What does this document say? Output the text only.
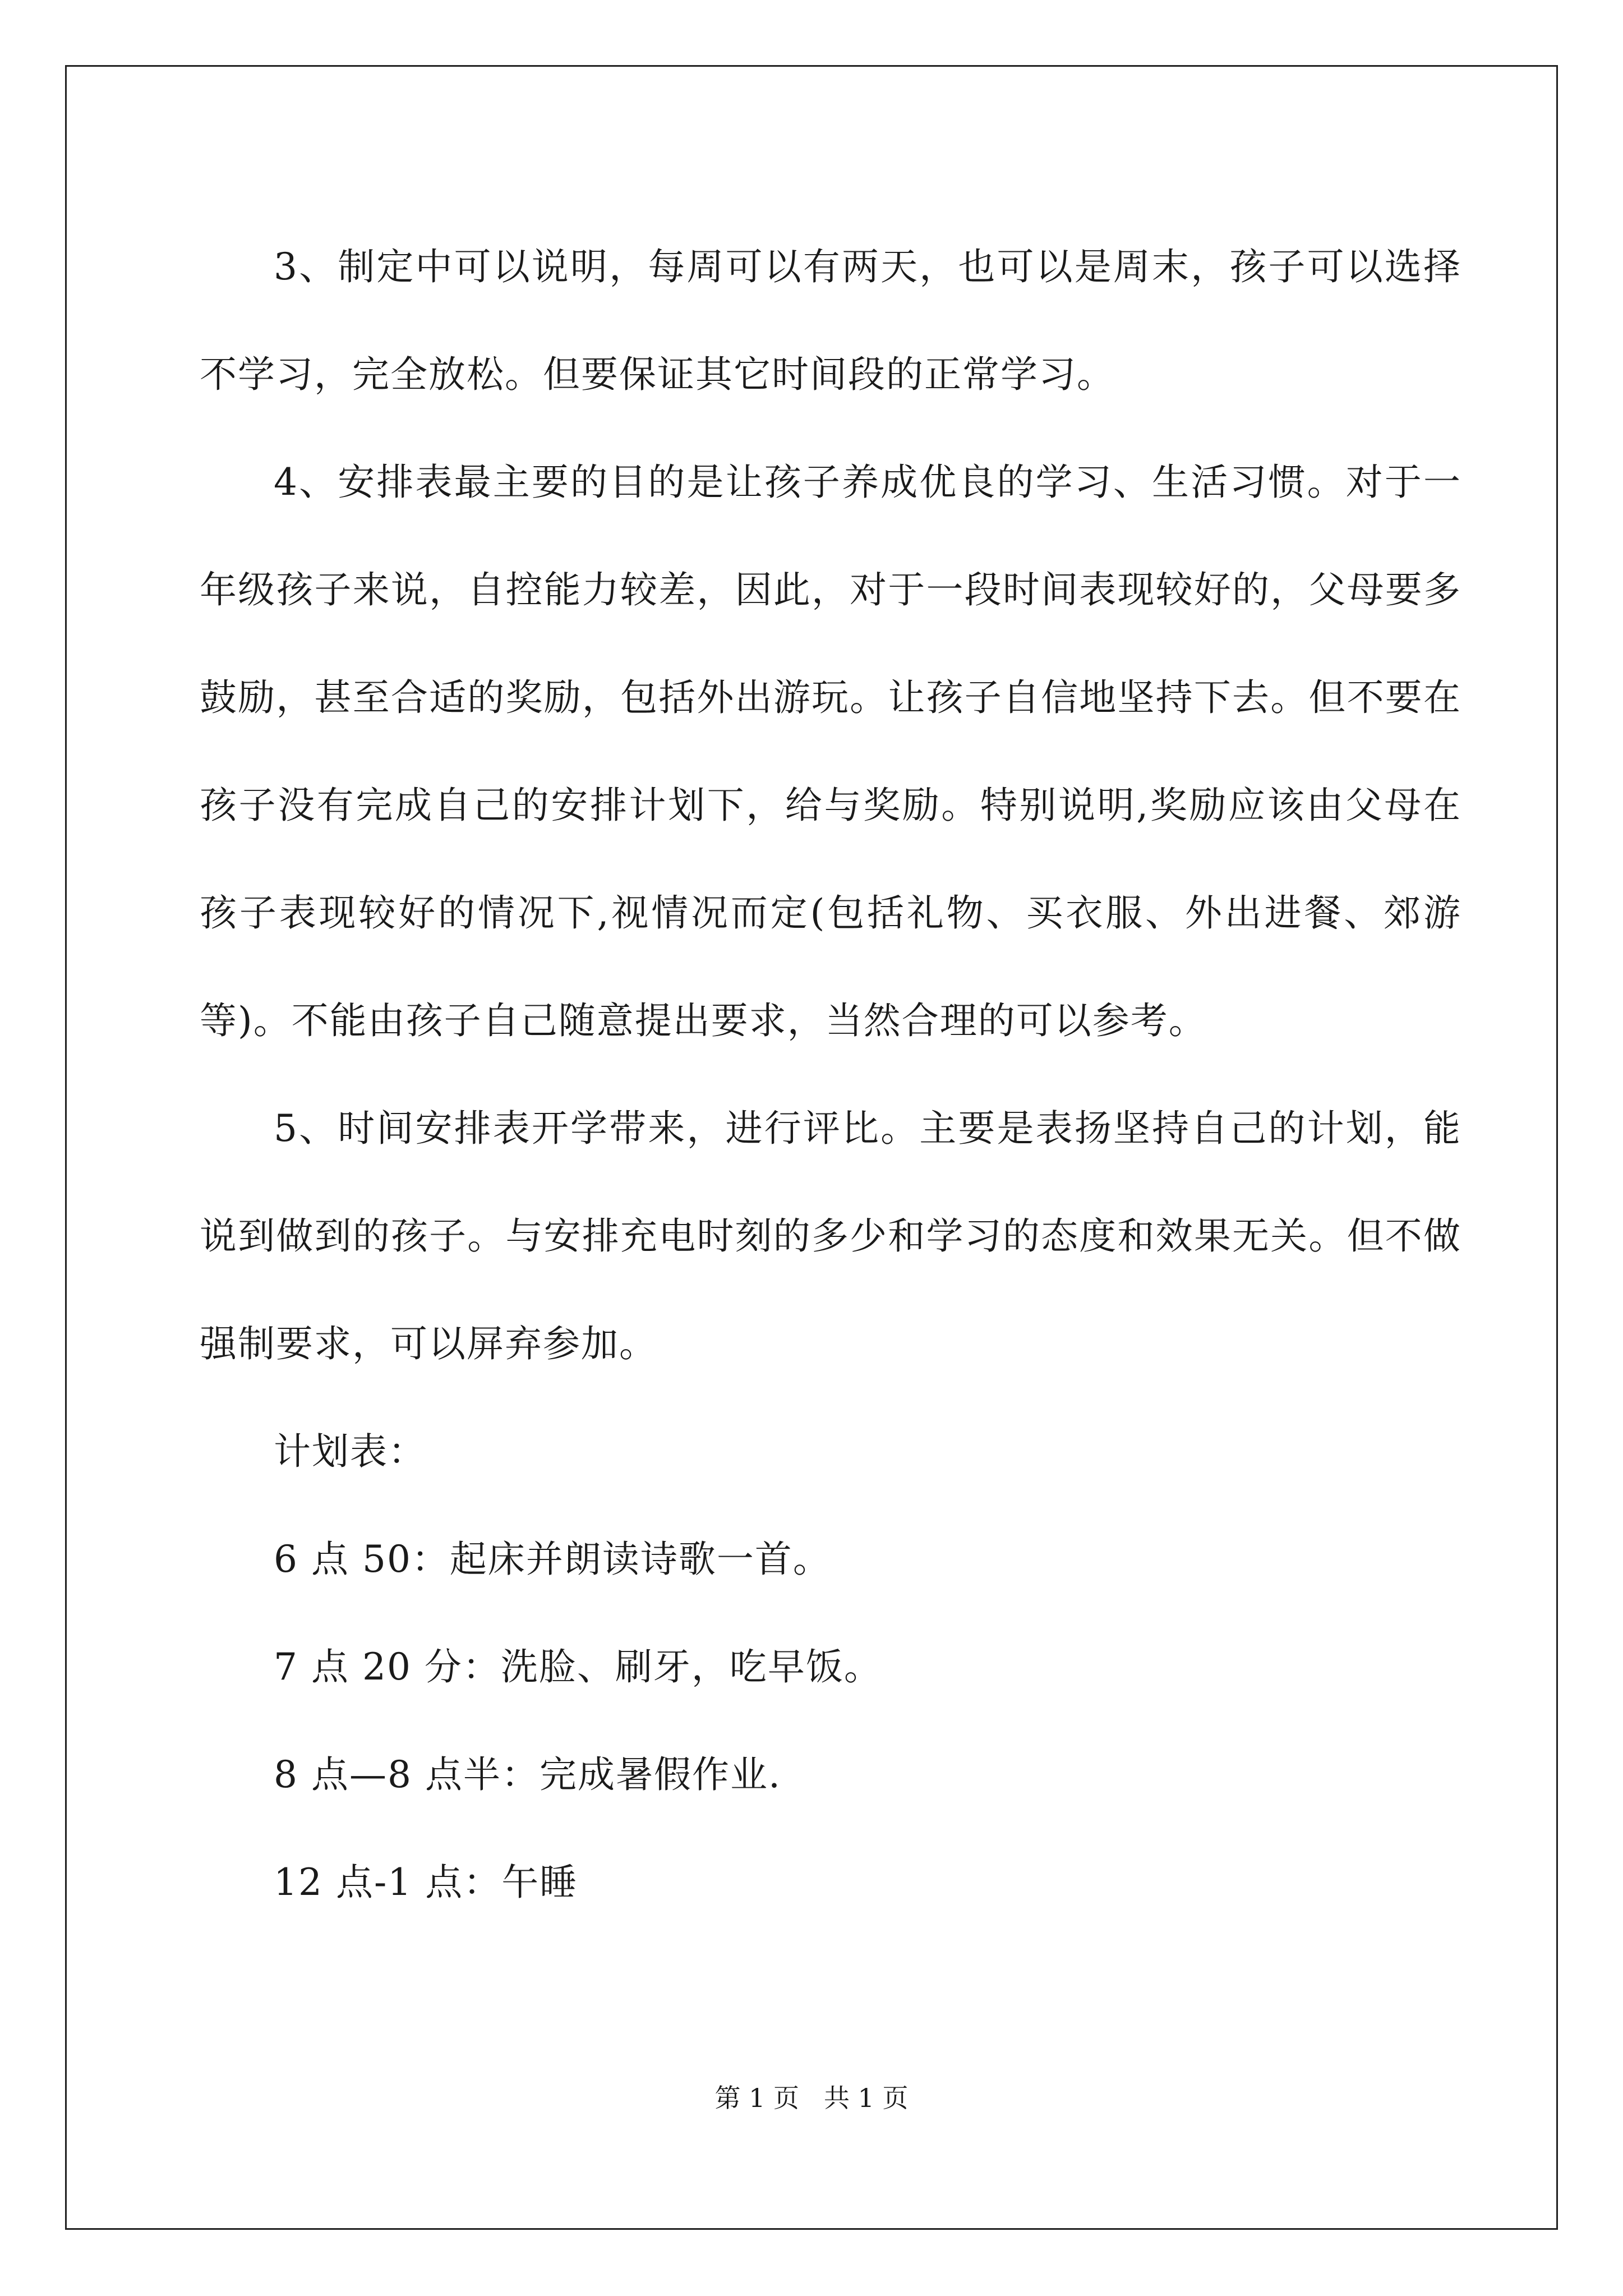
3、制定中可以说明，每周可以有两天，也可以是周末，孩子可以选择不学习，完全放松。但要保证其它时间段的正常学习。

4、安排表最主要的目的是让孩子养成优良的学习、生活习惯。对于一年级孩子来说，自控能力较差，因此，对于一段时间表现较好的，父母要多鼓励，甚至合适的奖励，包括外出游玩。让孩子自信地坚持下去。但不要在孩子没有完成自己的安排计划下，给与奖励。特别说明,奖励应该由父母在孩子表现较好的情况下,视情况而定(包括礼物、买衣服、外出进餐、郊游等)。不能由孩子自己随意提出要求，当然合理的可以参考。

5、时间安排表开学带来，进行评比。主要是表扬坚持自己的计划，能说到做到的孩子。与安排充电时刻的多少和学习的态度和效果无关。但不做强制要求，可以屏弃参加。

计划表：

6 点 50：起床并朗读诗歌一首。

7 点 20 分：洗脸、刷牙，吃早饭。

8 点—8 点半：完成暑假作业.

12 点-1 点：午睡

第 1 页 共 1 页
